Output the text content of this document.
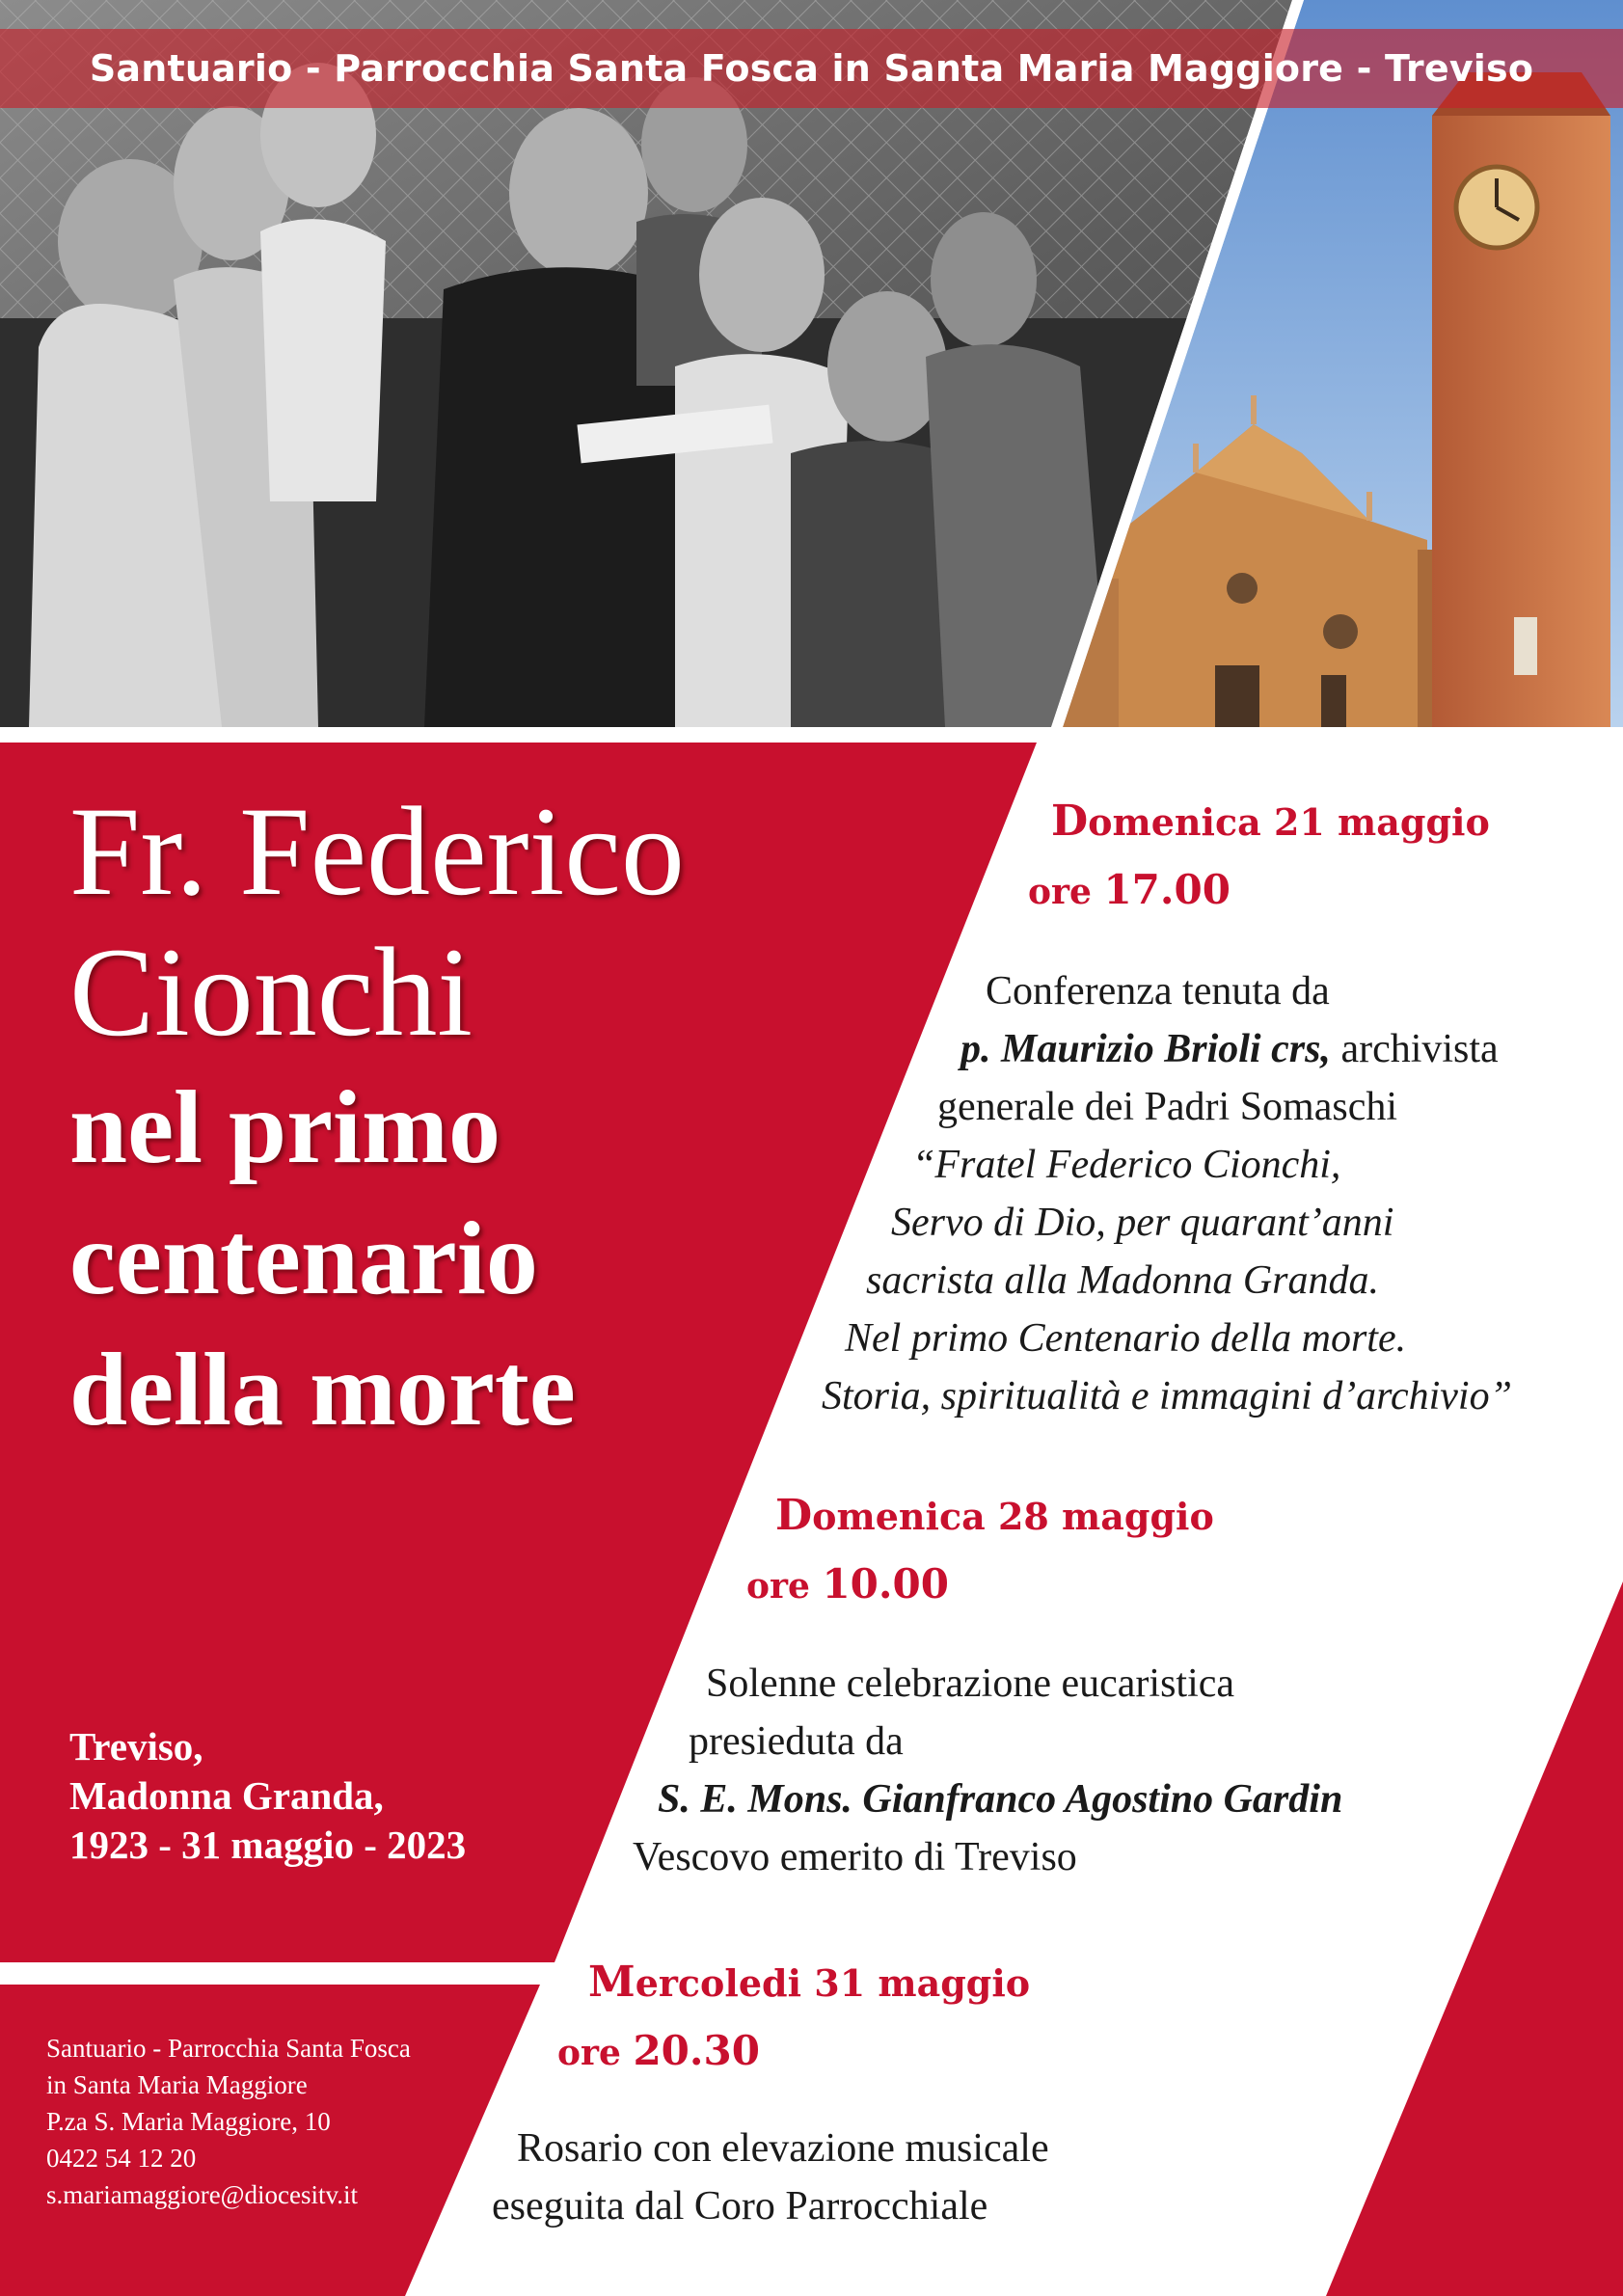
Santuario - Parrocchia Santa Fosca in Santa Maria Maggiore - Treviso
Fr. Federico
Cionchi
nel primo
centenario
della morte
Treviso,
Madonna Granda,
1923 - 31 maggio - 2023
Santuario - Parrocchia Santa Fosca
in Santa Maria Maggiore
P.za S. Maria Maggiore, 10
0422 54 12 20
s.mariamaggiore@diocesitv.it
Domenica 21 maggio
ore 17.00
Conferenza tenuta da
p. Maurizio Brioli crs, archivista
generale dei Padri Somaschi
“Fratel Federico Cionchi,
Servo di Dio, per quarant’anni
sacrista alla Madonna Granda.
Nel primo Centenario della morte.
Storia, spiritualità e immagini d’archivio”
Domenica 28 maggio
ore 10.00
Solenne celebrazione eucaristica
presieduta da
S. E. Mons. Gianfranco Agostino Gardin
Vescovo emerito di Treviso
Mercoledi 31 maggio
ore 20.30
Rosario con elevazione musicale
eseguita dal Coro Parrocchiale
